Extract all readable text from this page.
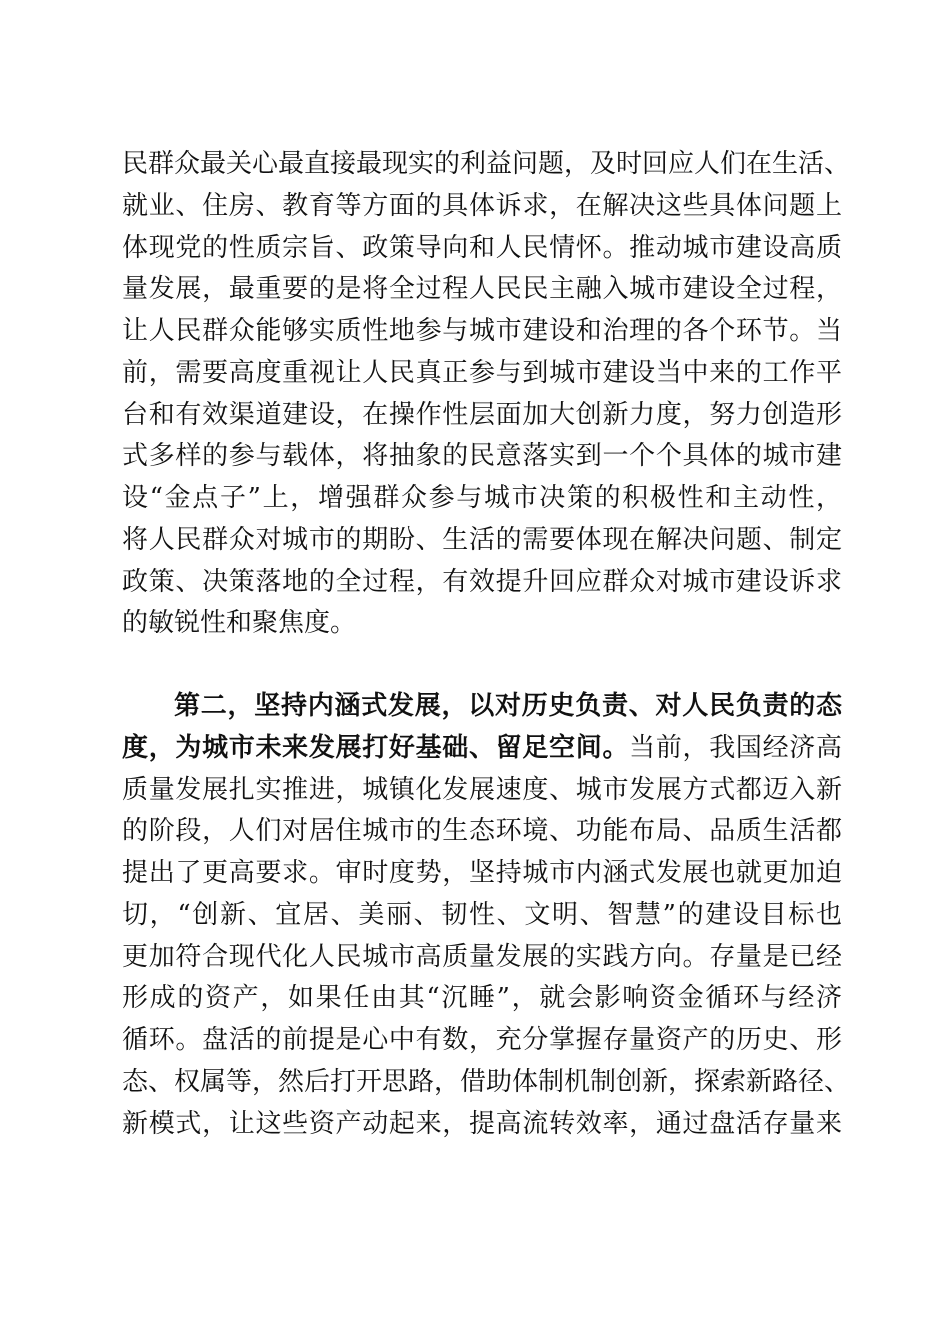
民群众最关心最直接最现实的利益问题，及时回应人们在生活、
就业、住房、教育等方面的具体诉求，在解决这些具体问题上
体现党的性质宗旨、政策导向和人民情怀。推动城市建设高质
量发展，最重要的是将全过程人民民主融入城市建设全过程，
让人民群众能够实质性地参与城市建设和治理的各个环节。当
前，需要高度重视让人民真正参与到城市建设当中来的工作平
台和有效渠道建设，在操作性层面加大创新力度，努力创造形
式多样的参与载体，将抽象的民意落实到一个个具体的城市建
设“金点子”上，增强群众参与城市决策的积极性和主动性，
将人民群众对城市的期盼、生活的需要体现在解决问题、制定
政策、决策落地的全过程，有效提升回应群众对城市建设诉求
的敏锐性和聚焦度。
第二，坚持内涵式发展，以对历史负责、对人民负责的态
度，为城市未来发展打好基础、留足空间。当前，我国经济高
质量发展扎实推进，城镇化发展速度、城市发展方式都迈入新
的阶段，人们对居住城市的生态环境、功能布局、品质生活都
提出了更高要求。审时度势，坚持城市内涵式发展也就更加迫
切，“创新、宜居、美丽、韧性、文明、智慧”的建设目标也
更加符合现代化人民城市高质量发展的实践方向。存量是已经
形成的资产，如果任由其“沉睡”，就会影响资金循环与经济
循环。盘活的前提是心中有数，充分掌握存量资产的历史、形
态、权属等，然后打开思路，借助体制机制创新，探索新路径、
新模式，让这些资产动起来，提高流转效率，通过盘活存量来
